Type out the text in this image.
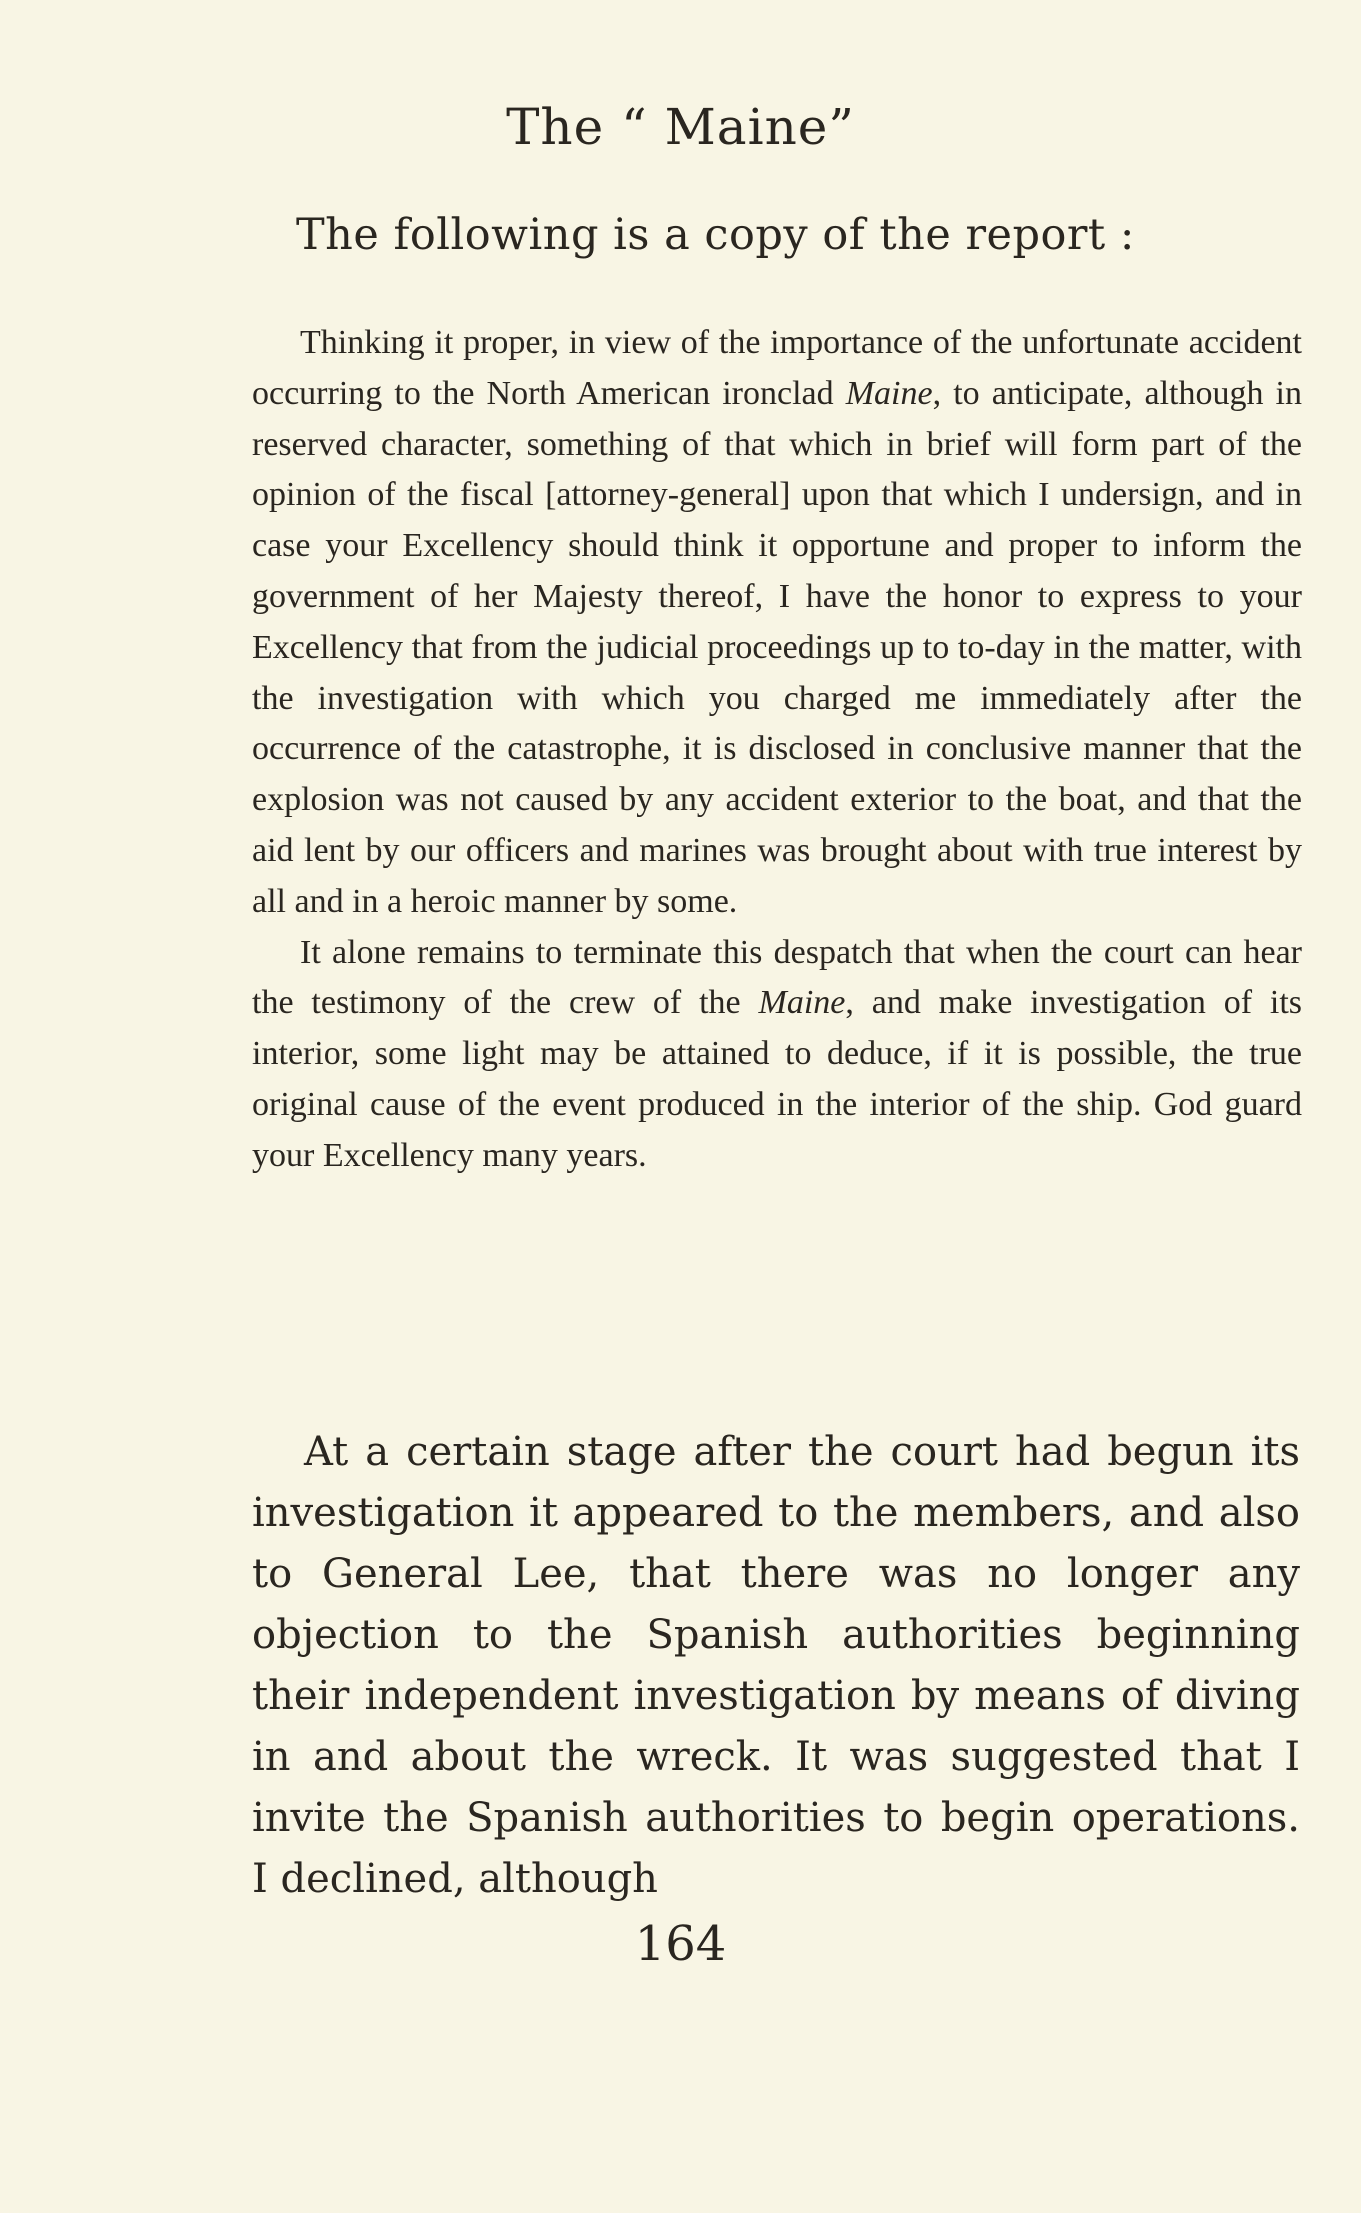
The “ Maine”
The following is a copy of the report :

Thinking it proper, in view of the importance of the unfortunate accident occurring to the North American ironclad Maine, to anticipate, although in reserved character, something of that which in brief will form part of the opinion of the fiscal [attorney-general] upon that which I undersign, and in case your Excellency should think it opportune and proper to inform the government of her Majesty thereof, I have the honor to express to your Excellency that from the judicial proceedings up to to-day in the matter, with the investigation with which you charged me immediately after the occurrence of the catastrophe, it is disclosed in conclusive manner that the explosion was not caused by any accident exterior to the boat, and that the aid lent by our officers and marines was brought about with true interest by all and in a heroic manner by some.

It alone remains to terminate this despatch that when the court can hear the testimony of the crew of the Maine, and make investigation of its interior, some light may be attained to deduce, if it is possible, the true original cause of the event produced in the interior of the ship. God guard your Excellency many years.

At a certain stage after the court had begun its investigation it appeared to the members, and also to General Lee, that there was no longer any objection to the Spanish authorities beginning their independent investigation by means of diving in and about the wreck. It was suggested that I invite the Spanish authorities to begin operations. I declined, although

164
